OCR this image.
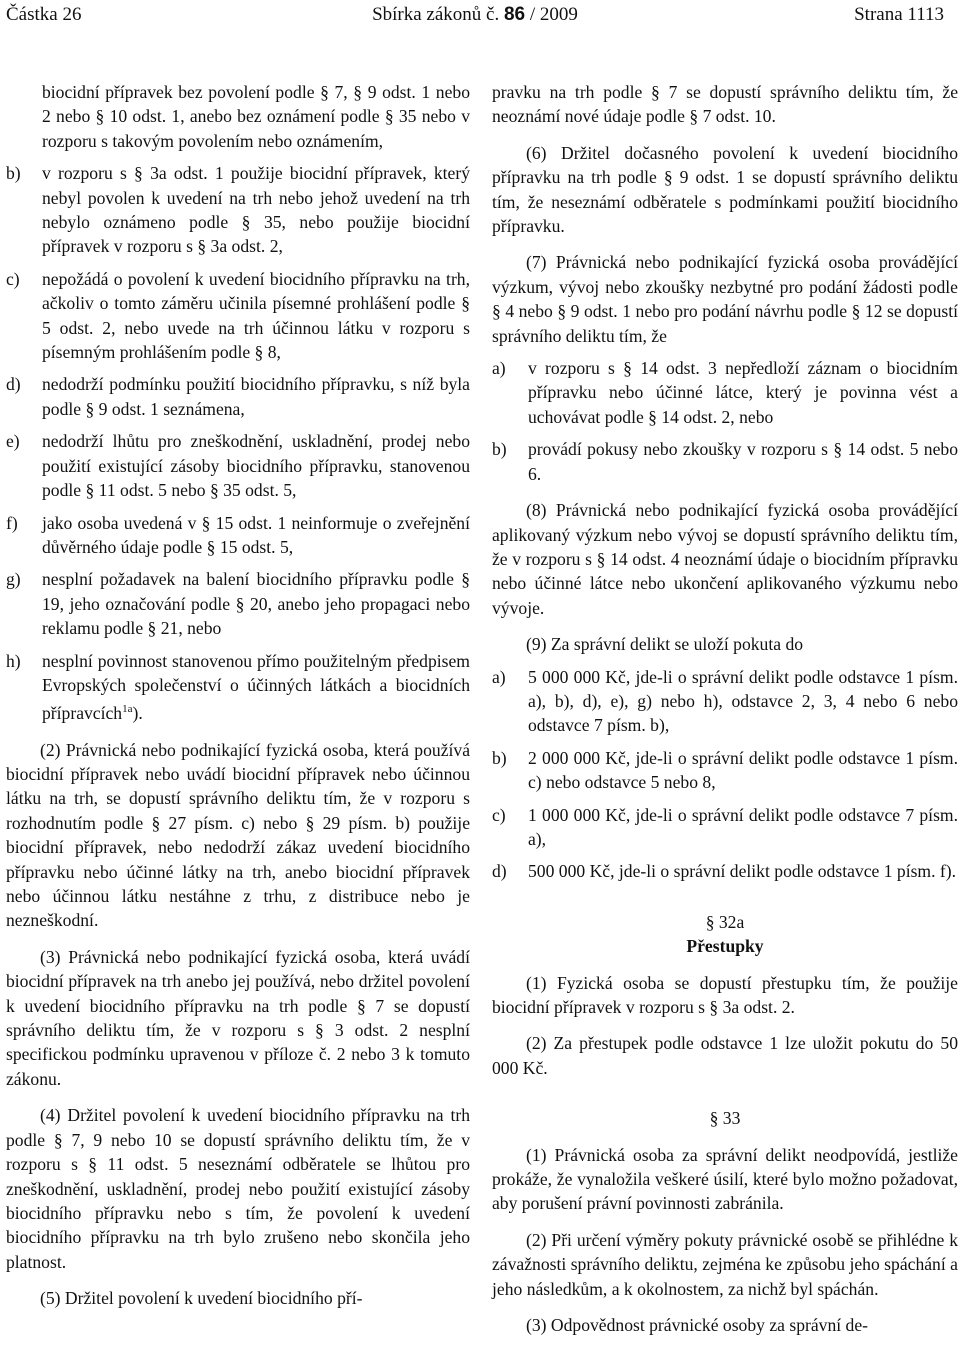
Částka 26	Sbírka zákonů č. 86 / 2009	Strana 1113

biocidní přípravek bez povolení podle § 7, § 9 odst. 1 nebo 2 nebo § 10 odst. 1, anebo bez oznámení podle § 35 nebo v rozporu s takovým povolením nebo oznámením,

b) v rozporu s § 3a odst. 1 použije biocidní přípravek, který nebyl povolen k uvedení na trh nebo jehož uvedení na trh nebylo oznámeno podle § 35, nebo použije biocidní přípravek v rozporu s § 3a odst. 2,
c) nepožádá o povolení k uvedení biocidního přípravku na trh, ačkoliv o tomto záměru učinila písemné prohlášení podle § 5 odst. 2, nebo uvede na trh účinnou látku v rozporu s písemným prohlášením podle § 8,
d) nedodrží podmínku použití biocidního přípravku, s níž byla podle § 9 odst. 1 seznámena,
e) nedodrží lhůtu pro zneškodnění, uskladnění, prodej nebo použití existující zásoby biocidního přípravku, stanovenou podle § 11 odst. 5 nebo § 35 odst. 5,
f) jako osoba uvedená v § 15 odst. 1 neinformuje o zveřejnění důvěrného údaje podle § 15 odst. 5,
g) nesplní požadavek na balení biocidního přípravku podle § 19, jeho označování podle § 20, anebo jeho propagaci nebo reklamu podle § 21, nebo
h) nesplní povinnost stanovenou přímo použitelným předpisem Evropských společenství o účinných látkách a biocidních přípravcích$^{1a}$).

(2) Právnická nebo podnikající fyzická osoba, která používá biocidní přípravek nebo uvádí biocidní přípravek nebo účinnou látku na trh, se dopustí správního deliktu tím, že v rozporu s rozhodnutím podle § 27 písm. c) nebo § 29 písm. b) použije biocidní přípravek, nebo nedodrží zákaz uvedení biocidního přípravku nebo účinné látky na trh, anebo biocidní přípravek nebo účinnou látku nestáhne z trhu, z distribuce nebo je nezneškodní.

(3) Právnická nebo podnikající fyzická osoba, která uvádí biocidní přípravek na trh anebo jej používá, nebo držitel povolení k uvedení biocidního přípravku na trh podle § 7 se dopustí správního deliktu tím, že v rozporu s § 3 odst. 2 nesplní specifickou podmínku upravenou v příloze č. 2 nebo 3 k tomuto zákonu.

(4) Držitel povolení k uvedení biocidního přípravku na trh podle § 7, 9 nebo 10 se dopustí správního deliktu tím, že v rozporu s § 11 odst. 5 neseznámí odběratele se lhůtou pro zneškodnění, uskladnění, prodej nebo použití existující zásoby biocidního přípravku nebo s tím, že povolení k uvedení biocidního přípravku na trh bylo zrušeno nebo skončila jeho platnost.

(5) Držitel povolení k uvedení biocidního pří-

pravku na trh podle § 7 se dopustí správního deliktu tím, že neoznámí nové údaje podle § 7 odst. 10.

(6) Držitel dočasného povolení k uvedení biocidního přípravku na trh podle § 9 odst. 1 se dopustí správního deliktu tím, že neseznámí odběratele s podmínkami použití biocidního přípravku.

(7) Právnická nebo podnikající fyzická osoba provádějící výzkum, vývoj nebo zkoušky nezbytné pro podání žádosti podle § 4 nebo § 9 odst. 1 nebo pro podání návrhu podle § 12 se dopustí správního deliktu tím, že

a) v rozporu s § 14 odst. 3 nepředloží záznam o biocidním přípravku nebo účinné látce, který je povinna vést a uchovávat podle § 14 odst. 2, nebo
b) provádí pokusy nebo zkoušky v rozporu s § 14 odst. 5 nebo 6.

(8) Právnická nebo podnikající fyzická osoba provádějící aplikovaný výzkum nebo vývoj se dopustí správního deliktu tím, že v rozporu s § 14 odst. 4 neoznámí údaje o biocidním přípravku nebo účinné látce nebo ukončení aplikovaného výzkumu nebo vývoje.

(9) Za správní delikt se uloží pokuta do

a) 5 000 000 Kč, jde-li o správní delikt podle odstavce 1 písm. a), b), d), e), g) nebo h), odstavce 2, 3, 4 nebo 6 nebo odstavce 7 písm. b),
b) 2 000 000 Kč, jde-li o správní delikt podle odstavce 1 písm. c) nebo odstavce 5 nebo 8,
c) 1 000 000 Kč, jde-li o správní delikt podle odstavce 7 písm. a),
d) 500 000 Kč, jde-li o správní delikt podle odstavce 1 písm. f).

§ 32a

Přestupky

(1) Fyzická osoba se dopustí přestupku tím, že použije biocidní přípravek v rozporu s § 3a odst. 2.

(2) Za přestupek podle odstavce 1 lze uložit pokutu do 50 000 Kč.

§ 33

(1) Právnická osoba za správní delikt neodpovídá, jestliže prokáže, že vynaložila veškeré úsilí, které bylo možno požadovat, aby porušení právní povinnosti zabránila.

(2) Při určení výměry pokuty právnické osobě se přihlédne k závažnosti správního deliktu, zejména ke způsobu jeho spáchání a jeho následkům, a k okolnostem, za nichž byl spáchán.

(3) Odpovědnost právnické osoby za správní de-
